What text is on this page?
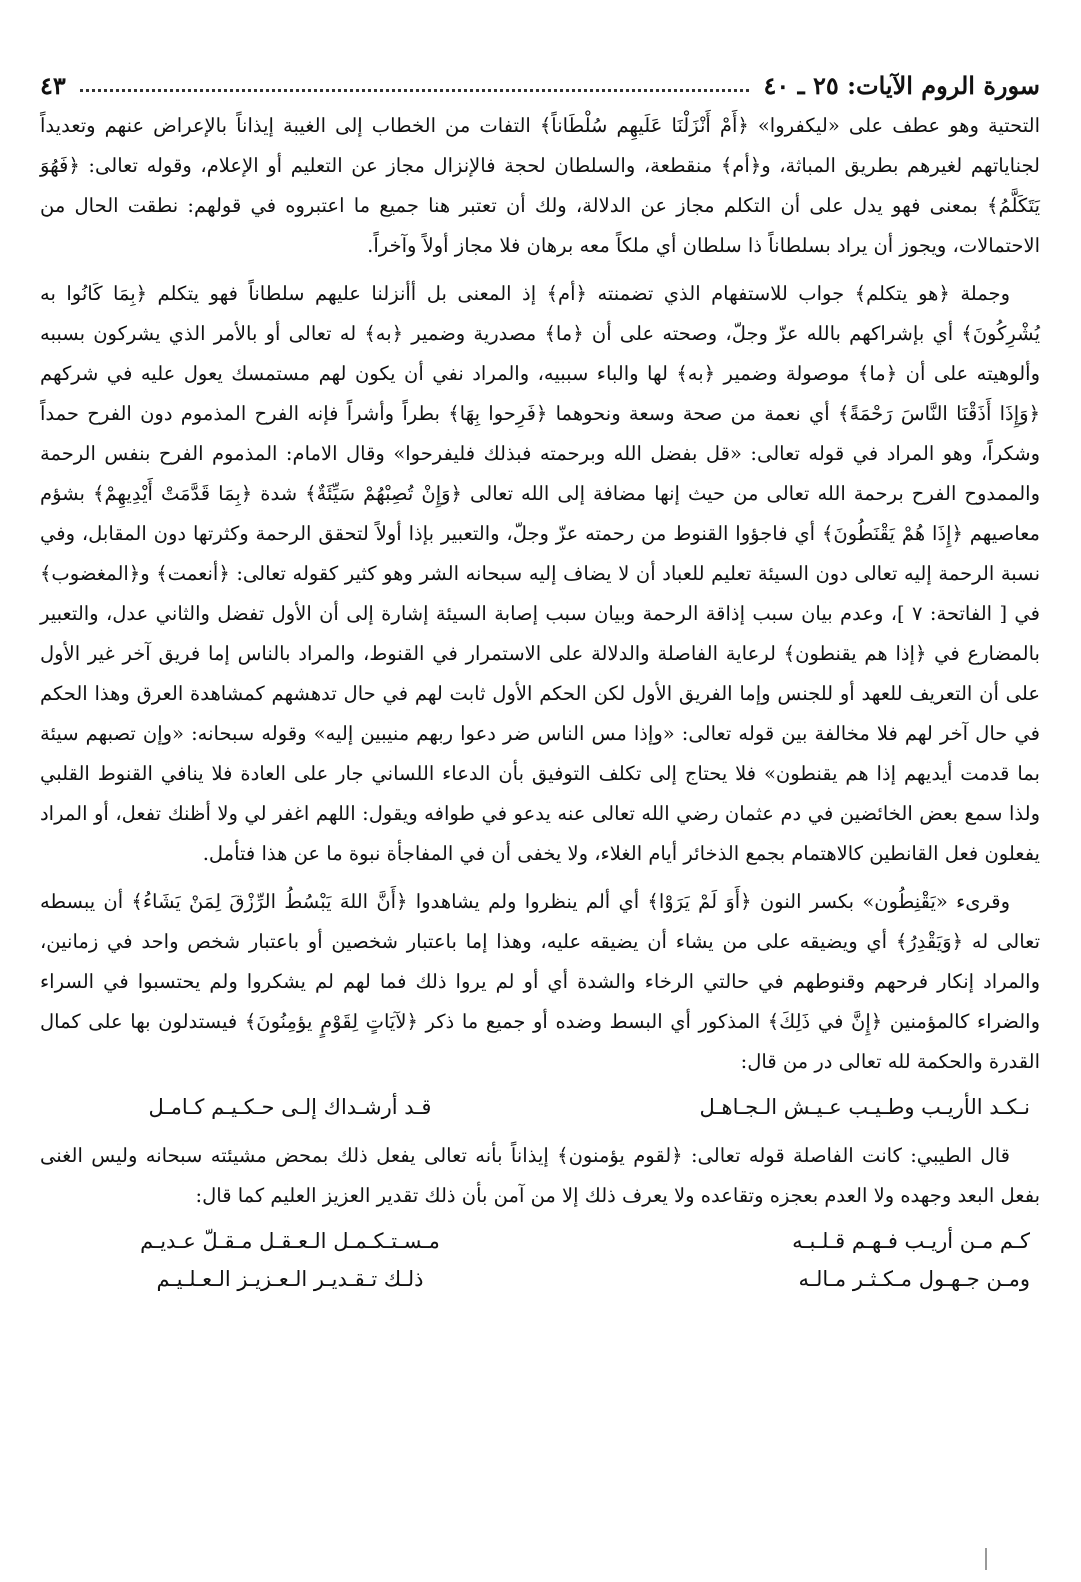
سورة الروم الآيات: ٢٥ ـ ٤٠
٤٣

التحتية وهو عطف على «ليكفروا» ﴿أَمْ أَنْزَلْنَا عَلَيهِم سُلْطَاناً﴾ التفات من الخطاب إلى الغيبة إيذاناً بالإعراض عنهم وتعديداً لجناياتهم لغيرهم بطريق المباثة، و﴿أم﴾ منقطعة، والسلطان لحجة فالإنزال مجاز عن التعليم أو الإعلام، وقوله تعالى: ﴿فَهُوَ يَتَكَلَّمُ﴾ بمعنى فهو يدل على أن التكلم مجاز عن الدلالة، ولك أن تعتبر هنا جميع ما اعتبروه في قولهم: نطقت الحال من الاحتمالات، ويجوز أن يراد بسلطاناً ذا سلطان أي ملكاً معه برهان فلا مجاز أولاً وآخراً.

وجملة ﴿هو يتكلم﴾ جواب للاستفهام الذي تضمنته ﴿أم﴾ إذ المعنى بل أأنزلنا عليهم سلطاناً فهو يتكلم ﴿بِمَا كَانُوا به يُشْرِكُونَ﴾ أي بإشراكهم بالله عزّ وجلّ، وصحته على أن ﴿ما﴾ مصدرية وضمير ﴿به﴾ له تعالى أو بالأمر الذي يشركون بسببه وألوهيته على أن ﴿ما﴾ موصولة وضمير ﴿به﴾ لها والباء سببيه، والمراد نفي أن يكون لهم مستمسك يعول عليه في شركهم ﴿وَإِذَا أَذَقْنَا النَّاسَ رَحْمَةً﴾ أي نعمة من صحة وسعة ونحوهما ﴿فَرِحوا بِهَا﴾ بطراً وأشراً فإنه الفرح المذموم دون الفرح حمداً وشكراً، وهو المراد في قوله تعالى: «قل بفضل الله وبرحمته فبذلك فليفرحوا» وقال الامام: المذموم الفرح بنفس الرحمة والممدوح الفرح برحمة الله تعالى من حيث إنها مضافة إلى الله تعالى ﴿وَإِنْ تُصِبْهُمْ سَيِّئَةٌ﴾ شدة ﴿بِمَا قَدَّمَتْ أَيْدِيهِمْ﴾ بشؤم معاصيهم ﴿إِذَا هُمْ يَقْنَطُونَ﴾ أي فاجؤوا القنوط من رحمته عزّ وجلّ، والتعبير بإذا أولاً لتحقق الرحمة وكثرتها دون المقابل، وفي نسبة الرحمة إليه تعالى دون السيئة تعليم للعباد أن لا يضاف إليه سبحانه الشر وهو كثير كقوله تعالى: ﴿أنعمت﴾ و﴿المغضوب﴾ في [ الفاتحة: ٧ ]، وعدم بيان سبب إذاقة الرحمة وبيان سبب إصابة السيئة إشارة إلى أن الأول تفضل والثاني عدل، والتعبير بالمضارع في ﴿إذا هم يقنطون﴾ لرعاية الفاصلة والدلالة على الاستمرار في القنوط، والمراد بالناس إما فريق آخر غير الأول على أن التعريف للعهد أو للجنس وإما الفريق الأول لكن الحكم الأول ثابت لهم في حال تدهشهم كمشاهدة العرق وهذا الحكم في حال آخر لهم فلا مخالفة بين قوله تعالى: «وإذا مس الناس ضر دعوا ربهم منيبين إليه» وقوله سبحانه: «وإن تصبهم سيئة بما قدمت أيديهم إذا هم يقنطون» فلا يحتاج إلى تكلف التوفيق بأن الدعاء اللساني جار على العادة فلا ينافي القنوط القلبي ولذا سمع بعض الخائضين في دم عثمان رضي الله تعالى عنه يدعو في طوافه ويقول: اللهم اغفر لي ولا أظنك تفعل، أو المراد يفعلون فعل القانطين كالاهتمام بجمع الذخائر أيام الغلاء، ولا يخفى أن في المفاجأة نبوة ما عن هذا فتأمل.

وقرىء «يَقْنِطُون» بكسر النون ﴿أَوَ لَمْ يَرَوْا﴾ أي ألم ينظروا ولم يشاهدوا ﴿أَنَّ اللهَ يَبْسُطُ الرِّزْقَ لِمَنْ يَشَاءُ﴾ أن يبسطه تعالى له ﴿وَيَقْدِرُ﴾ أي ويضيقه على من يشاء أن يضيقه عليه، وهذا إما باعتبار شخصين أو باعتبار شخص واحد في زمانين، والمراد إنكار فرحهم وقنوطهم في حالتي الرخاء والشدة أي أو لم يروا ذلك فما لهم لم يشكروا ولم يحتسبوا في السراء والضراء كالمؤمنين ﴿إِنَّ في ذَلِكَ﴾ المذكور أي البسط وضده أو جميع ما ذكر ﴿لآيَاتٍ لِقَوْمٍ يؤمِنُونَ﴾ فيستدلون بها على كمال القدرة والحكمة لله تعالى در من قال:

نـكـد الأريـب وطـيـب عـيـش الـجـاهـل
قـد أرشـداك إلـى حـكـيـم كـامـل

قال الطيبي: كانت الفاصلة قوله تعالى: ﴿لقوم يؤمنون﴾ إيذاناً بأنه تعالى يفعل ذلك بمحض مشيئته سبحانه وليس الغنى بفعل البعد وجهده ولا العدم بعجزه وتقاعده ولا يعرف ذلك إلا من آمن بأن ذلك تقدير العزيز العليم كما قال:

كـم مـن أريـب فـهـم قـلـبـه
مـسـتـكـمـل الـعـقـل مـقـلّ عـديـم
ومـن جـهـول مـكـثـر مـالـه
ذلـك تـقـديـر الـعـزيـز الـعـلـيـم
